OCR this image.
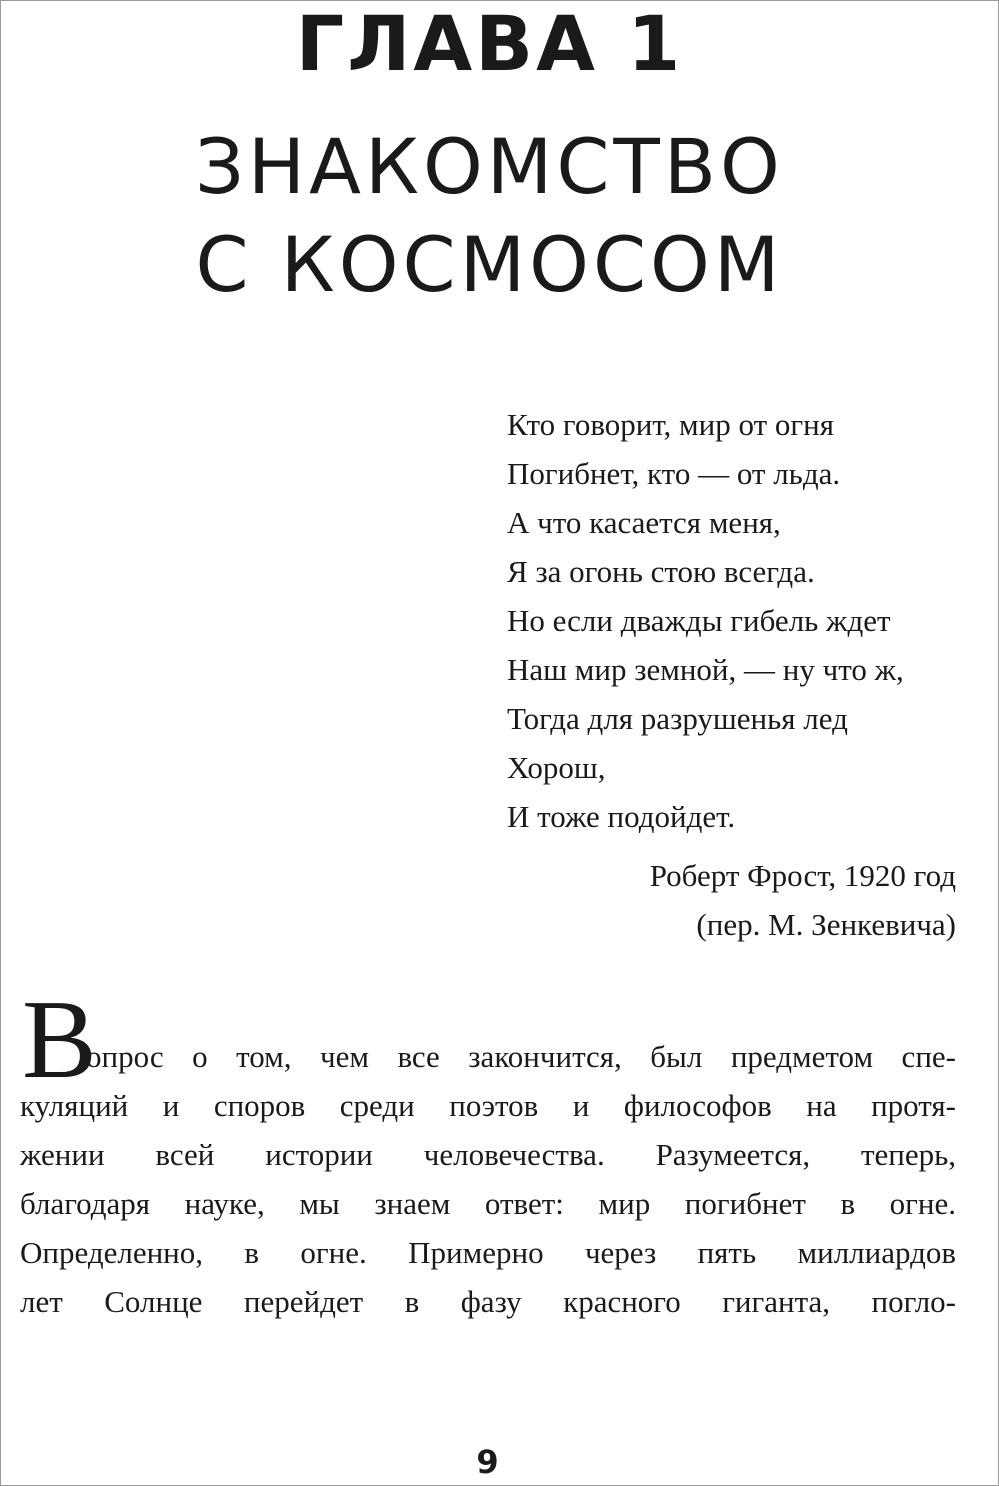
ГЛАВА 1
ЗНАКОМСТВО
С КОСМОСОМ
Кто говорит, мир от огня
Погибнет, кто — от льда.
А что касается меня,
Я за огонь стою всегда.
Но если дважды гибель ждет
Наш мир земной, — ну что ж,
Тогда для разрушенья лед
Хорош,
И тоже подойдет.
Роберт Фрост, 1920 год
(пер. М. Зенкевича)
В
опрос о том, чем все закончится, был предметом спе-
куляций и споров среди поэтов и философов на протя-
жении всей истории человечества. Разумеется, теперь,
благодаря науке, мы знаем ответ: мир погибнет в огне.
Определенно, в огне. Примерно через пять миллиардов
лет Солнце перейдет в фазу красного гиганта, погло-
9
